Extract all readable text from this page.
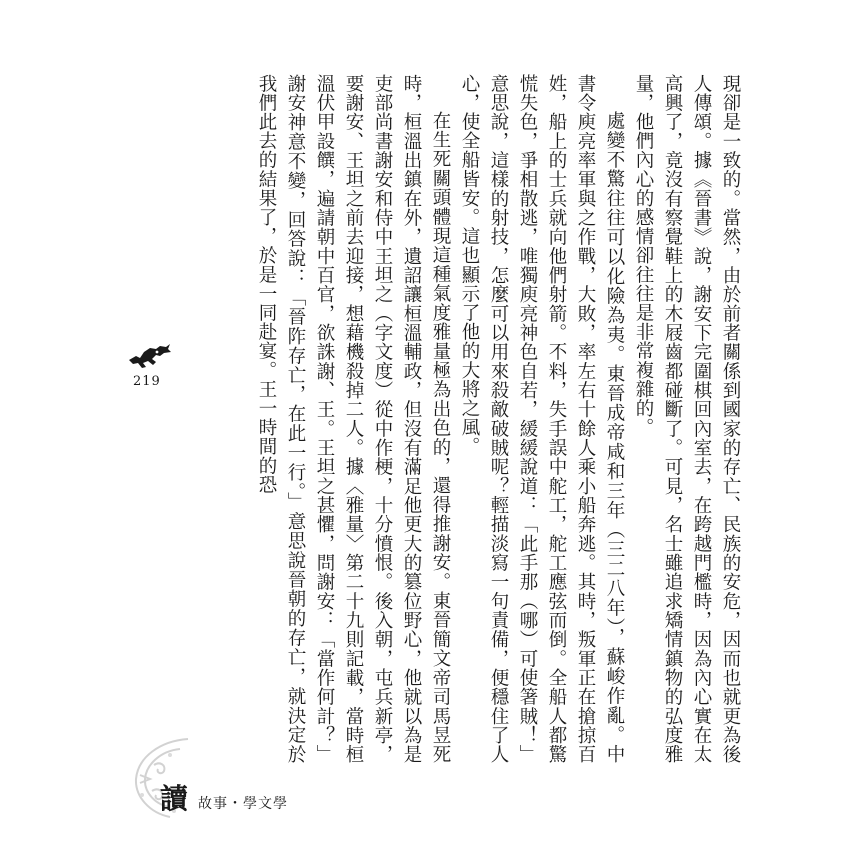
現卻是一致的。當然，由於前者關係到國家的存亡、民族的安危，因而也就更為後人傳頌。據《晉書》說，謝安下完圍棋回內室去，在跨越門檻時，因為內心實在太高興了，竟沒有察覺鞋上的木屐齒都碰斷了。可見，名士雖追求矯情鎮物的弘度雅量，他們內心的感情卻往往是非常複雜的。

處變不驚往往可以化險為夷。東晉成帝咸和三年（三二八年），蘇峻作亂。中書令庾亮率軍與之作戰，大敗，率左右十餘人乘小船奔逃。其時，叛軍正在搶掠百姓，船上的士兵就向他們射箭。不料，失手誤中舵工，舵工應弦而倒。全船人都驚慌失色，爭相散逃，唯獨庾亮神色自若，緩緩說道：「此手那（哪）可使箸賊！」意思說，這樣的射技，怎麼可以用來殺敵破賊呢？輕描淡寫一句責備，便穩住了人心，使全船皆安。這也顯示了他的大將之風。

在生死關頭體現這種氣度雅量極為出色的，還得推謝安。東晉簡文帝司馬昱死時，桓溫出鎮在外，遺詔讓桓溫輔政，但沒有滿足他更大的篡位野心，他就以為是吏部尚書謝安和侍中王坦之（字文度）從中作梗，十分憤恨。後入朝，屯兵新亭，要謝安、王坦之前去迎接，想藉機殺掉二人。據〈雅量〉第二十九則記載，當時桓溫伏甲設饌，遍請朝中百官，欲誅謝、王。王坦之甚懼，問謝安：「當作何計？」謝安神意不變，回答說：「晉阼存亡，在此一行。」意思說晉朝的存亡，就決定於我們此去的結果了，於是一同赴宴。王一時間的恐

219
讀 故事・學文學
